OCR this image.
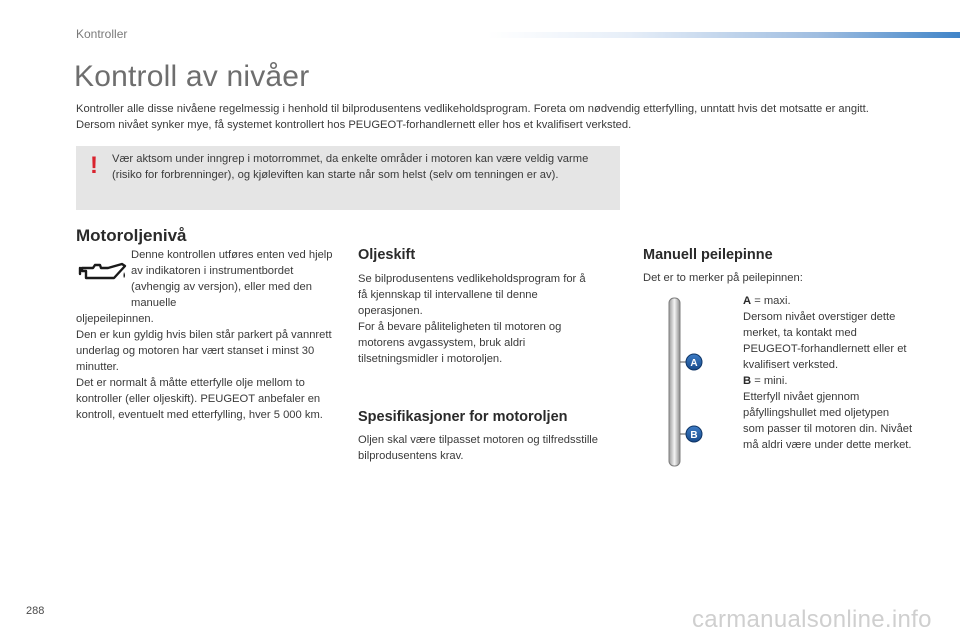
Kontroller
Kontroll av nivåer

Kontroller alle disse nivåene regelmessig i henhold til bilprodusentens vedlikeholdsprogram. Foreta om nødvendig etterfylling, unntatt hvis det motsatte er angitt.

Dersom nivået synker mye, få systemet kontrollert hos PEUGEOT-forhandlernett eller hos et kvalifisert verksted.

! Vær aktsom under inngrep i motorrommet, da enkelte områder i motoren kan være veldig varme (risiko for forbrenninger), og kjøleviften kan starte når som helst (selv om tenningen er av).
Motoroljenivå
Denne kontrollen utføres enten ved hjelp av indikatoren i instrumentbordet (avhengig av versjon), eller med den manuelle
oljepeilepinnen.
Den er kun gyldig hvis bilen står parkert på vannrett underlag og motoren har vært stanset i minst 30 minutter.
Det er normalt å måtte etterfylle olje mellom to kontroller (eller oljeskift). PEUGEOT anbefaler en kontroll, eventuelt med etterfylling, hver 5 000 km.
Oljeskift
Se bilprodusentens vedlikeholdsprogram for å få kjennskap til intervallene til denne operasjonen.
For å bevare påliteligheten til motoren og motorens avgassystem, bruk aldri tilsetningsmidler i motoroljen.
Spesifikasjoner for motoroljen
Oljen skal være tilpasset motoren og tilfredsstille bilprodusentens krav.
Manuell peilepinne
Det er to merker på peilepinnen:
A
B
A = maxi.
Dersom nivået overstiger dette merket, ta kontakt med PEUGEOT-forhandlernett eller et kvalifisert verksted.
B = mini.
Etterfyll nivået gjennom påfyllingshullet med oljetypen som passer til motoren din. Nivået må aldri være under dette merket.
288	carmanualsonline.info
